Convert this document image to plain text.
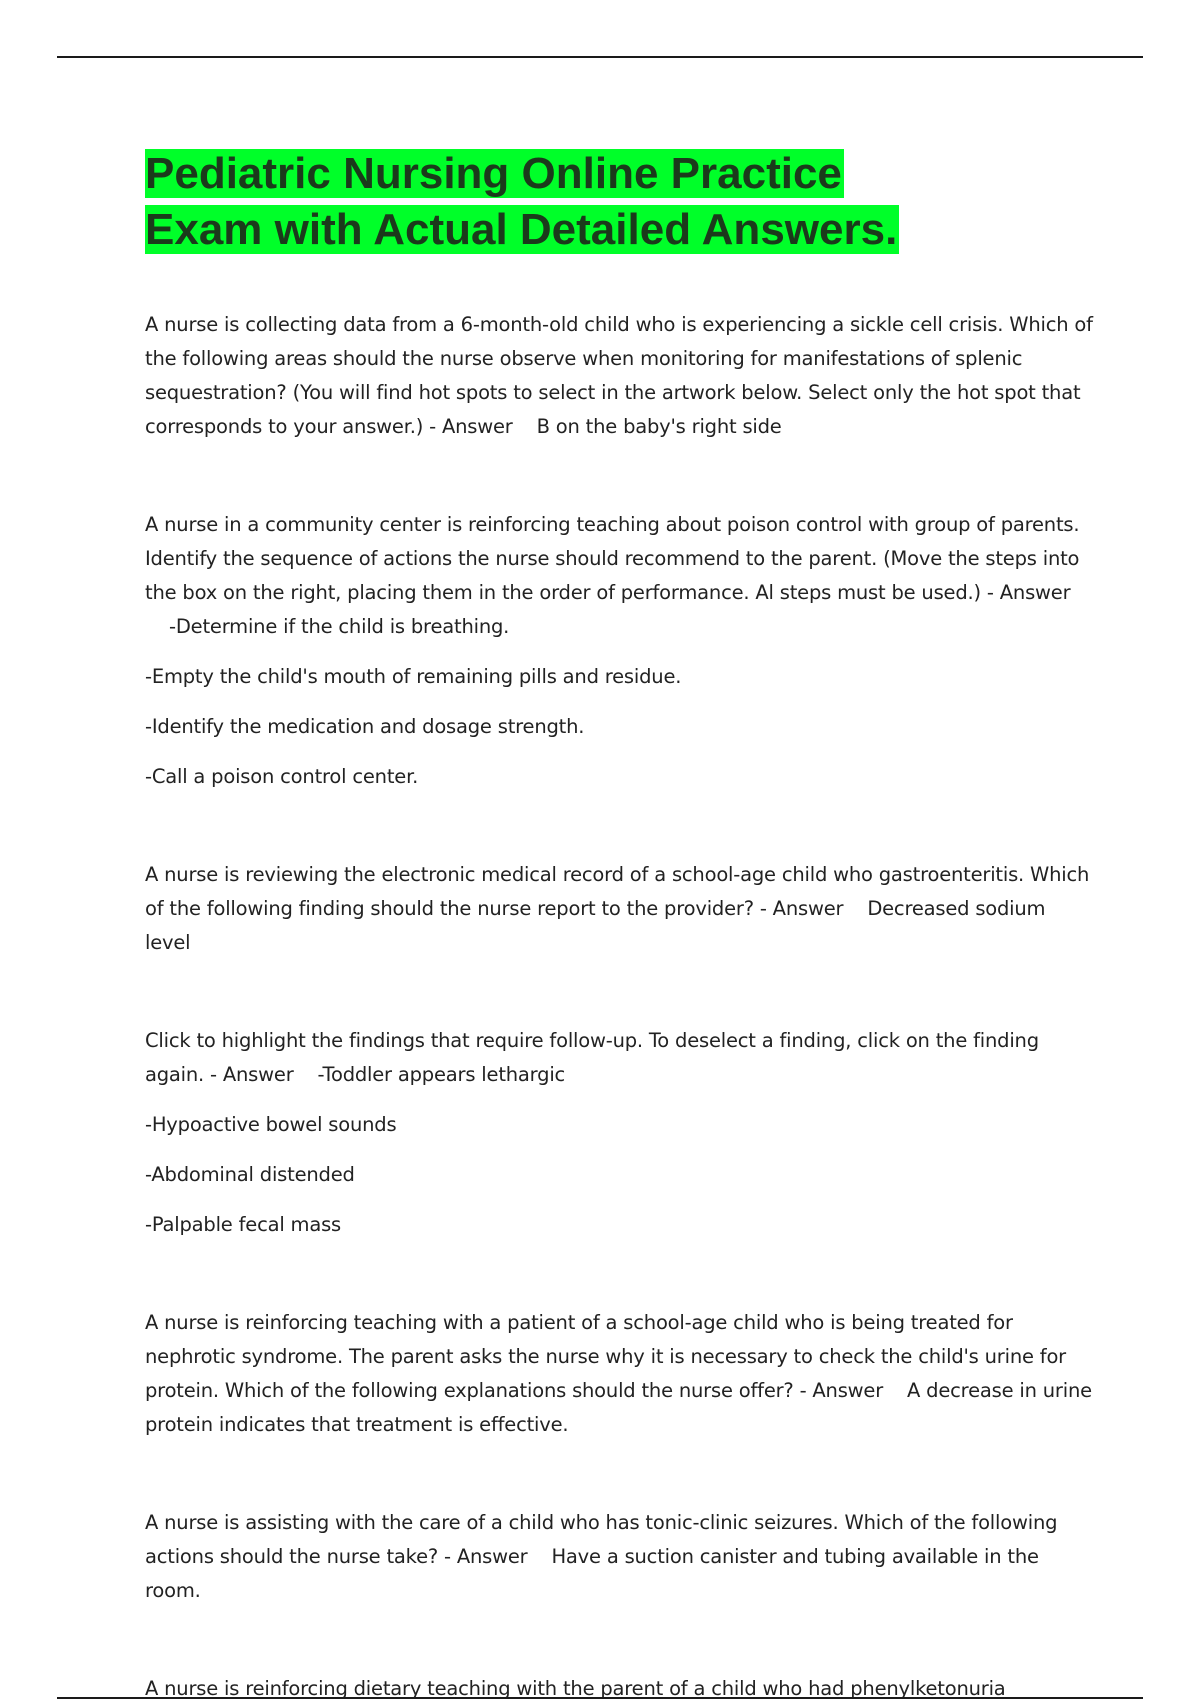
Pediatric Nursing Online Practice
Exam with Actual Detailed Answers.

A nurse is collecting data from a 6-month-old child who is experiencing a sickle cell crisis. Which of the following areas should the nurse observe when monitoring for manifestations of splenic sequestration? (You will find hot spots to select in the artwork below. Select only the hot spot that corresponds to your answer.) - Answer B on the baby's right side

A nurse in a community center is reinforcing teaching about poison control with group of parents. Identify the sequence of actions the nurse should recommend to the parent. (Move the steps into the box on the right, placing them in the order of performance. Al steps must be used.) - Answer    -Determine if the child is breathing.

-Empty the child's mouth of remaining pills and residue.

-Identify the medication and dosage strength.

-Call a poison control center.

A nurse is reviewing the electronic medical record of a school-age child who gastroenteritis. Which of the following finding should the nurse report to the provider? - Answer Decreased sodium level

Click to highlight the findings that require follow-up. To deselect a finding, click on the finding again. - Answer -Toddler appears lethargic

-Hypoactive bowel sounds

-Abdominal distended

-Palpable fecal mass

A nurse is reinforcing teaching with a patient of a school-age child who is being treated for nephrotic syndrome. The parent asks the nurse why it is necessary to check the child's urine for protein. Which of the following explanations should the nurse offer? - Answer A decrease in urine protein indicates that treatment is effective.

A nurse is assisting with the care of a child who has tonic-clinic seizures. Which of the following actions should the nurse take? - Answer Have a suction canister and tubing available in the room.

A nurse is reinforcing dietary teaching with the parent of a child who had phenylketonuria
